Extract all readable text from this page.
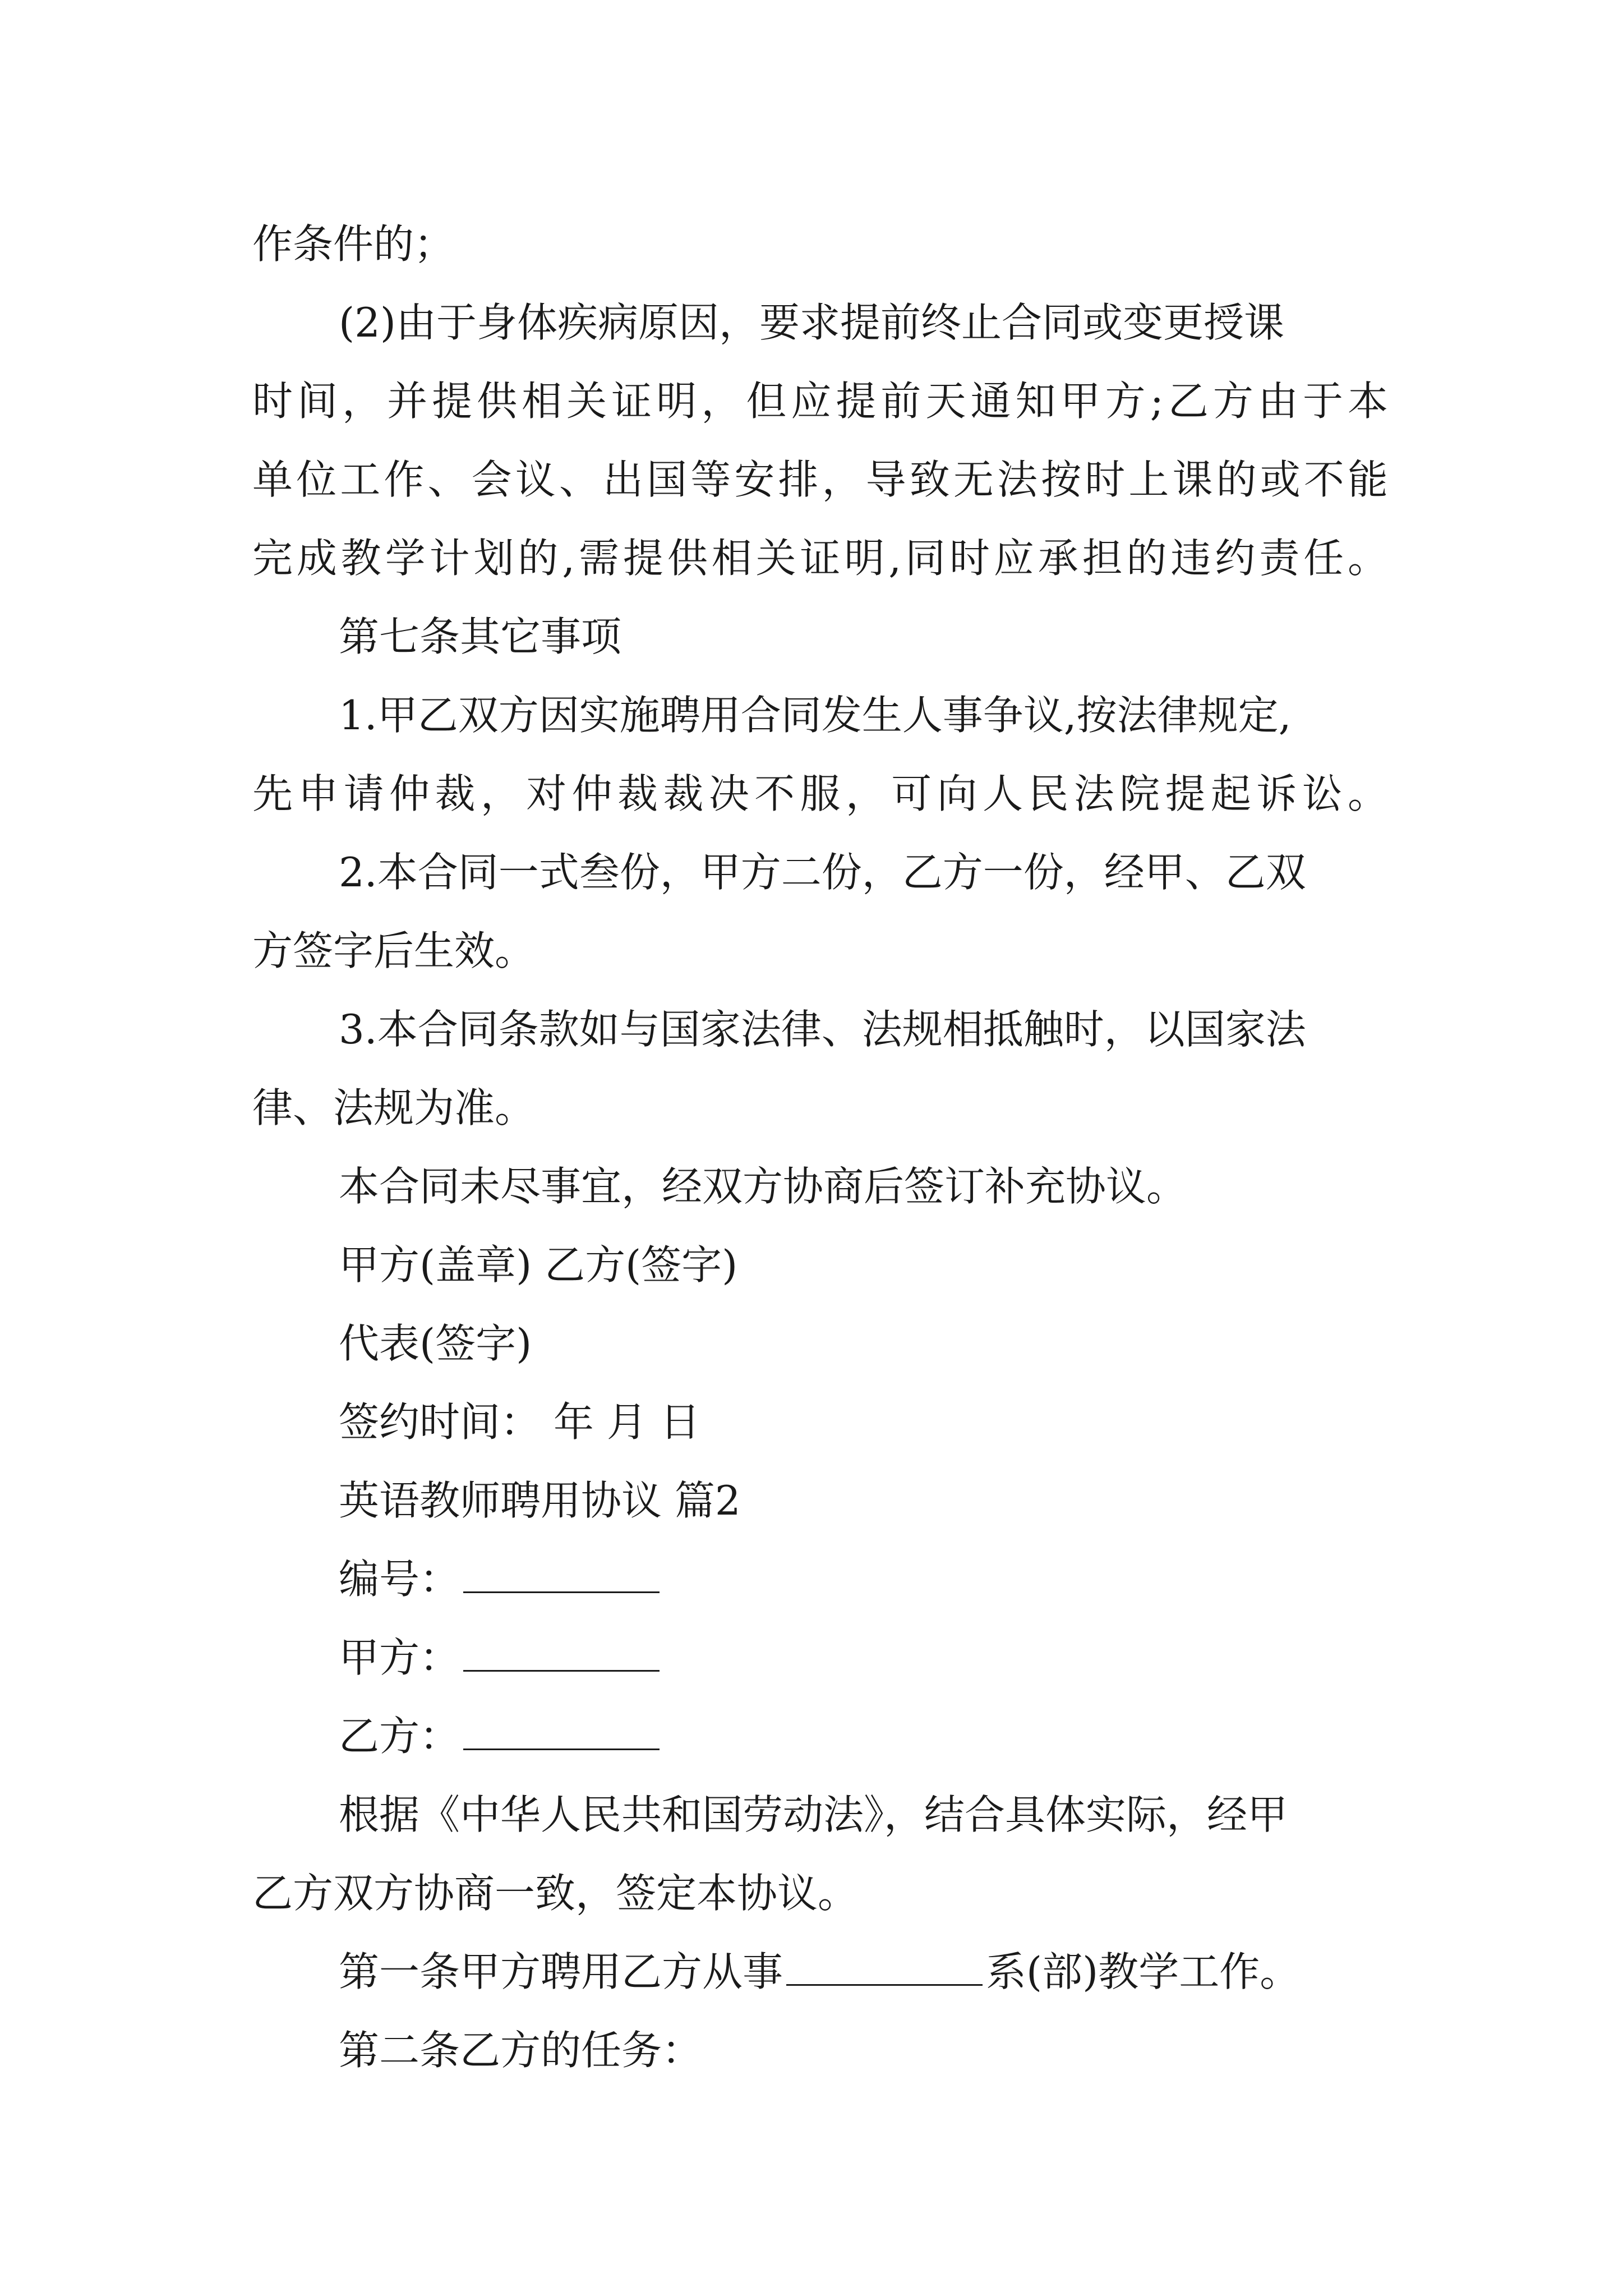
作条件的；
(2)由于身体疾病原因，要求提前终止合同或变更授课
时间，并提供相关证明，但应提前天通知甲方;乙方由于本
单位工作、会议、出国等安排，导致无法按时上课的或不能
完成教学计划的,需提供相关证明,同时应承担的违约责任。
第七条其它事项
1.甲乙双方因实施聘用合同发生人事争议,按法律规定,
先申请仲裁，对仲裁裁决不服，可向人民法院提起诉讼。
2.本合同一式叁份，甲方二份，乙方一份，经甲、乙双
方签字后生效。
3.本合同条款如与国家法律、法规相抵触时，以国家法
律、法规为准。
本合同未尽事宜，经双方协商后签订补充协议。
甲方(盖章) 乙方(签字)
代表(签字)
签约时间： 年 月 日
英语教师聘用协议 篇2
编号：
甲方：
乙方：
根据《中华人民共和国劳动法》，结合具体实际，经甲
乙方双方协商一致，签定本协议。
第一条甲方聘用乙方从事	系(部)教学工作。
第二条乙方的任务：
